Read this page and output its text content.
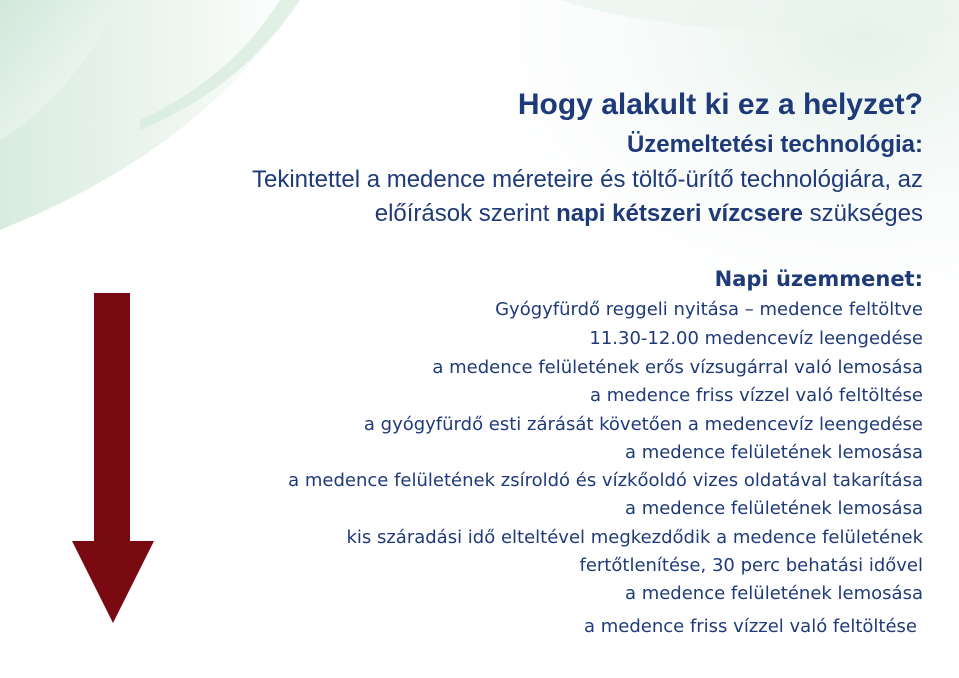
Hogy alakult ki ez a helyzet?
Üzemeltetési technológia:
Tekintettel a medence méreteire és töltő-ürítő technológiára, az
előírások szerint napi kétszeri vízcsere szükséges
Napi üzemmenet:
Gyógyfürdő reggeli nyitása – medence feltöltve
11.30-12.00 medencevíz leengedése
a medence felületének erős vízsugárral való lemosása
a medence friss vízzel való feltöltése
a gyógyfürdő esti zárását követően a medencevíz leengedése
a medence felületének lemosása
a medence felületének zsíroldó és vízkőoldó vizes oldatával takarítása
a medence felületének lemosása
kis száradási idő elteltével megkezdődik a medence felületének
fertőtlenítése, 30 perc behatási idővel
a medence felületének lemosása
a medence friss vízzel való feltöltése
